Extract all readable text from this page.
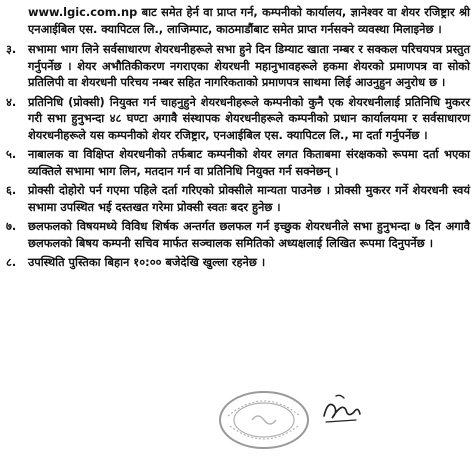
www.lgic.com.np बाट समेत हेर्न वा प्राप्त गर्न, कम्पनीको कार्यालय, ज्ञानेश्वर वा शेयर रजिष्ट्रार श्री एनआईबिल एस. क्यापिटल लि., लाजिम्पाट, काठमाडौंबाट समेत प्राप्त गर्नसक्ने व्यवस्था मिलाइनेछ ।
३.	सभामा भाग लिने सर्वसाधारण शेयरधनीहरूले सभा हुने दिन डिम्याट खाता नम्बर र सक्कल परिचयपत्र प्रस्तुत गर्नुपर्नेछ । शेयर अभौतिकीकरण नगराएका शेयरधनी महानुभावहरूले हकमा शेयरको प्रमाणपत्र वा सोको प्रतिलिपी वा शेयरधनी परिचय नम्बर सहित नागरिकताको प्रमाणपत्र साथमा लिई आउनुहुन अनुरोध छ ।
४.	प्रतिनिधि (प्रोक्सी) नियुक्त गर्न चाहनुहुने शेयरधनीहरूले कम्पनीको कुनै एक शेयरधनीलाई प्रतिनिधि मुकरर गरी सभा हुनुभन्दा ४८ घण्टा अगावै संस्थापक शेयरधनीहरूले कम्पनीको प्रधान कार्यालयमा र सर्वसाधारण शेयरधनीहरूले यस कम्पनीको शेयर रजिष्ट्रार, एनआईबिल एस. क्यापिटल लि., मा दर्ता गर्नुपर्नेछ ।
५.	नाबालक वा विक्षिप्त शेयरधनीको तर्फबाट कम्पनीको शेयर लगत किताबमा संरक्षकको रूपमा दर्ता भएका व्यक्तिले सभामा भाग लिन, मतदान गर्न वा प्रतिनिधि नियुक्त गर्न सक्नेछन् ।
६.	प्रोक्सी दोहोरो पर्न गएमा पहिले दर्ता गरिएको प्रोक्सीले मान्यता पाउनेछ । प्रोक्सी मुकरर गर्ने शेयरधनी स्वयं सभामा उपस्थित भई दस्तखत गरेमा प्रोक्सी स्वतः बदर हुनेछ ।
७.	छलफलको विषयमध्ये विविध शिर्षक अन्तर्गत छलफल गर्न इच्छुक शेयरधनीले सभा हुनुभन्दा ७ दिन अगावै छलफलको बिषय कम्पनी सचिव मार्फत सञ्चालक समितिको अध्यक्षलाई लिखित रूपमा दिनुपर्नेछ ।
८.	उपस्थिति पुस्तिका बिहान १०:०० बजेदेखि खुल्ला रहनेछ ।
